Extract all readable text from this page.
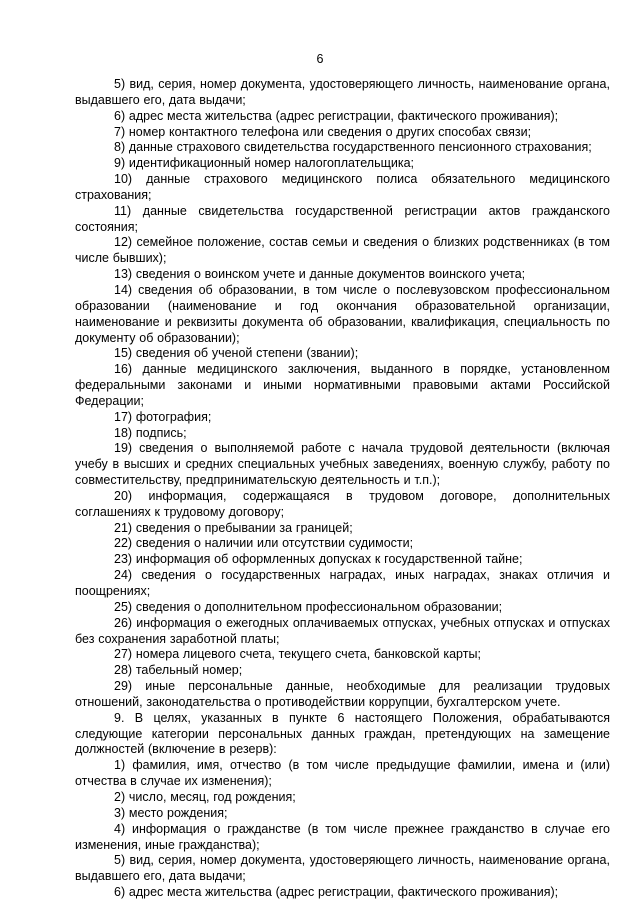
6

5) вид, серия, номер документа, удостоверяющего личность, наименование органа, выдавшего его, дата выдачи;

6) адрес места жительства (адрес регистрации, фактического проживания);

7) номер контактного телефона или сведения о других способах связи;

8) данные страхового свидетельства государственного пенсионного страхования;

9) идентификационный номер налогоплательщика;

10) данные страхового медицинского полиса обязательного медицинского страхования;

11) данные свидетельства государственной регистрации актов гражданского состояния;

12) семейное положение, состав семьи и сведения о близких родственниках (в том числе бывших);

13) сведения о воинском учете и данные документов воинского учета;

14) сведения об образовании, в том числе о послевузовском профессиональном образовании (наименование и год окончания образовательной организации, наименование и реквизиты документа об образовании, квалификация, специальность по документу об образовании);

15) сведения об ученой степени (звании);

16) данные медицинского заключения, выданного в порядке, установленном федеральными законами и иными нормативными правовыми актами Российской Федерации;

17) фотография;

18) подпись;

19) сведения о выполняемой работе с начала трудовой деятельности (включая учебу в высших и средних специальных учебных заведениях, военную службу, работу по совместительству, предпринимательскую деятельность и т.п.);

20) информация, содержащаяся в трудовом договоре, дополнительных соглашениях к трудовому договору;

21) сведения о пребывании за границей;

22) сведения о наличии или отсутствии судимости;

23) информация об оформленных допусках к государственной тайне;

24) сведения о государственных наградах, иных наградах, знаках отличия и поощрениях;

25) сведения о дополнительном профессиональном образовании;

26) информация о ежегодных оплачиваемых отпусках, учебных отпусках и отпусках без сохранения заработной платы;

27) номера лицевого счета, текущего счета, банковской карты;

28) табельный номер;

29) иные персональные данные, необходимые для реализации трудовых отношений, законодательства о противодействии коррупции, бухгалтерском учете.

9. В целях, указанных в пункте 6 настоящего Положения, обрабатываются следующие категории персональных данных граждан, претендующих на замещение должностей (включение в резерв):

1) фамилия, имя, отчество (в том числе предыдущие фамилии, имена и (или) отчества в случае их изменения);

2) число, месяц, год рождения;

3) место рождения;

4) информация о гражданстве (в том числе прежнее гражданство в случае его изменения, иные гражданства);

5) вид, серия, номер документа, удостоверяющего личность, наименование органа, выдавшего его, дата выдачи;

6) адрес места жительства (адрес регистрации, фактического проживания);
